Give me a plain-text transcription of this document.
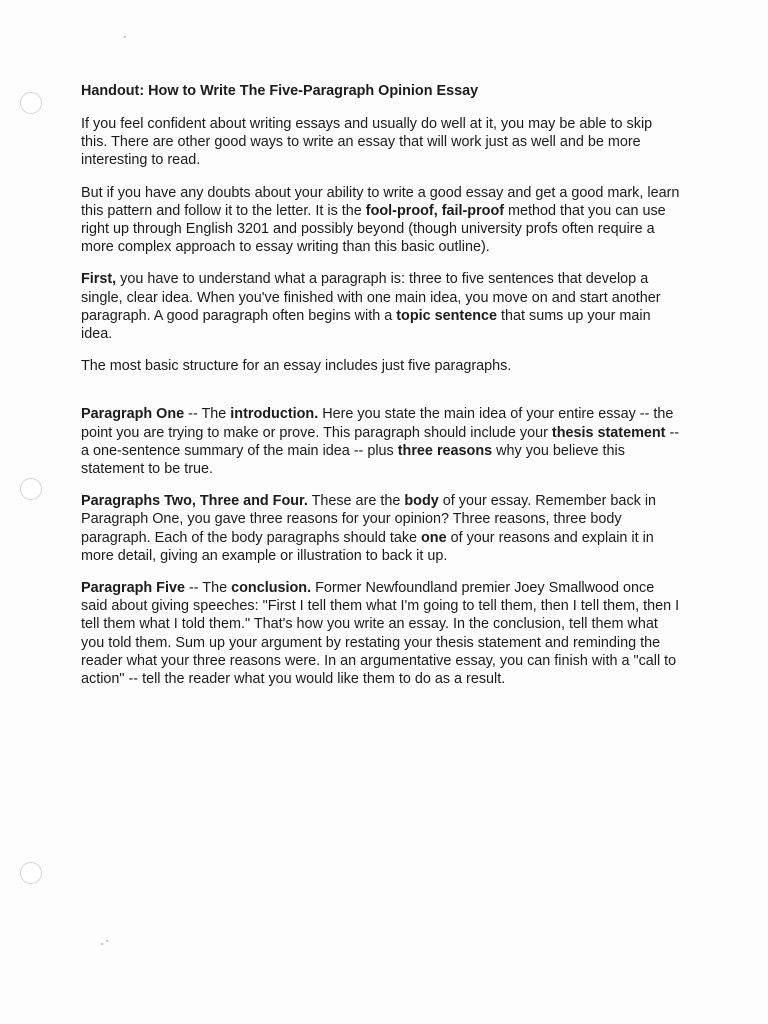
Handout: How to Write The Five-Paragraph Opinion Essay

If you feel confident about writing essays and usually do well at it, you may be able to skip this. There are other good ways to write an essay that will work just as well and be more interesting to read.

But if you have any doubts about your ability to write a good essay and get a good mark, learn this pattern and follow it to the letter. It is the fool-proof, fail-proof method that you can use right up through English 3201 and possibly beyond (though university profs often require a more complex approach to essay writing than this basic outline).

First, you have to understand what a paragraph is: three to five sentences that develop a single, clear idea. When you've finished with one main idea, you move on and start another paragraph. A good paragraph often begins with a topic sentence that sums up your main idea.

The most basic structure for an essay includes just five paragraphs.

Paragraph One -- The introduction. Here you state the main idea of your entire essay -- the point you are trying to make or prove. This paragraph should include your thesis statement -- a one-sentence summary of the main idea -- plus three reasons why you believe this statement to be true.

Paragraphs Two, Three and Four. These are the body of your essay. Remember back in Paragraph One, you gave three reasons for your opinion? Three reasons, three body paragraph. Each of the body paragraphs should take one of your reasons and explain it in more detail, giving an example or illustration to back it up.

Paragraph Five -- The conclusion. Former Newfoundland premier Joey Smallwood once said about giving speeches: "First I tell them what I'm going to tell them, then I tell them, then I tell them what I told them." That's how you write an essay. In the conclusion, tell them what you told them. Sum up your argument by restating your thesis statement and reminding the reader what your three reasons were. In an argumentative essay, you can finish with a "call to action" -- tell the reader what you would like them to do as a result.
